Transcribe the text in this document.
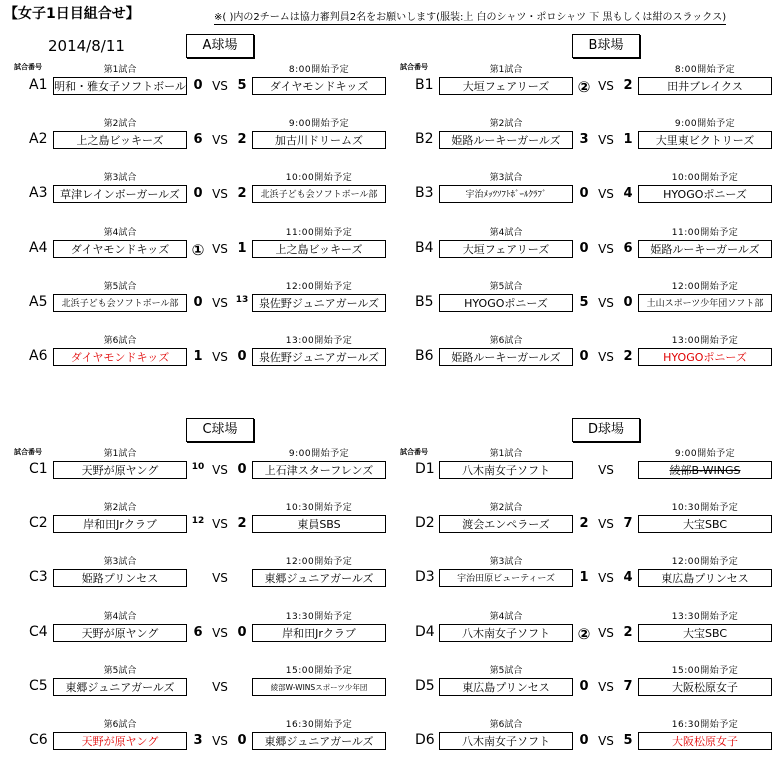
【女子1日目組合せ】	※( )内の2チームは協力審判員2名をお願いします(服装:上 白のシャツ・ポロシャツ 下 黒もしくは紺のスラックス)
2014/8/11	A球場
試合番号	第1試合	8:00開始予定
A1 明和・雅女子ソフトボール 0 VS 5	ダイヤモンドキッズ
第2試合	9:00開始予定
A2	上之島ビッキーズ	6 VS 2	加古川ドリームズ
第3試合	10:00開始予定
A3	草津レインボーガールズ	0 VS 2	北浜子ども会ソフトボール部
第4試合	11:00開始予定
A4	ダイヤモンドキッズ	① VS 1	上之島ビッキーズ
第5試合	12:00開始予定
A5	北浜子ども会ソフトボール部	0 VS 13 泉佐野ジュニアガールズ
第6試合	13:00開始予定
A6	ダイヤモンドキッズ	1 VS 0	泉佐野ジュニアガールズ
B球場
試合番号	第1試合	8:00開始予定
B1	大垣フェアリーズ	② VS 2	田井ブレイクス
第2試合	9:00開始予定
B2	姫路ルーキーガールズ	3 VS 1	大里東ビクトリーズ
第3試合	10:00開始予定
B3	宇治ﾒｯﾂｿﾌﾄﾎﾞｰﾙｸﾗﾌﾞ	0 VS 4	HYOGOポニーズ
第4試合	11:00開始予定
B4	大垣フェアリーズ	0 VS 6	姫路ルーキーガールズ
第5試合	12:00開始予定
B5	HYOGOポニーズ	5 VS 0	土山スポーツ少年団ソフト部
第6試合	13:00開始予定
B6	姫路ルーキーガールズ	0 VS 2	HYOGOポニーズ
C球場
試合番号	第1試合	9:00開始予定
C1	天野が原ヤング	10 VS 0	上石津スターフレンズ
第2試合	10:30開始予定
C2	岸和田Jrクラブ	12 VS 2	東員SBS
第3試合	12:00開始予定
C3	姫路プリンセス	VS	東郷ジュニアガールズ
第4試合	13:30開始予定
C4	天野が原ヤング	6 VS 0	岸和田Jrクラブ
第5試合	15:00開始予定
C5	東郷ジュニアガールズ	VS	綾部W-WINSスポーツ少年団
第6試合	16:30開始予定
C6	天野が原ヤング	3 VS 0	東郷ジュニアガールズ
D球場
試合番号	第1試合	9:00開始予定
D1	八木南女子ソフト	VS	綾部B-WINGS
第2試合	10:30開始予定
D2	渡会エンペラーズ	2 VS 7	大宝SBC
第3試合	12:00開始予定
D3	宇治田原ビューティーズ	1 VS 4	東広島プリンセス
第4試合	13:30開始予定
D4	八木南女子ソフト	② VS 2	大宝SBC
第5試合	15:00開始予定
D5	東広島プリンセス	0 VS 7	大阪松原女子
第6試合	16:30開始予定
D6	八木南女子ソフト	0 VS 5	大阪松原女子
